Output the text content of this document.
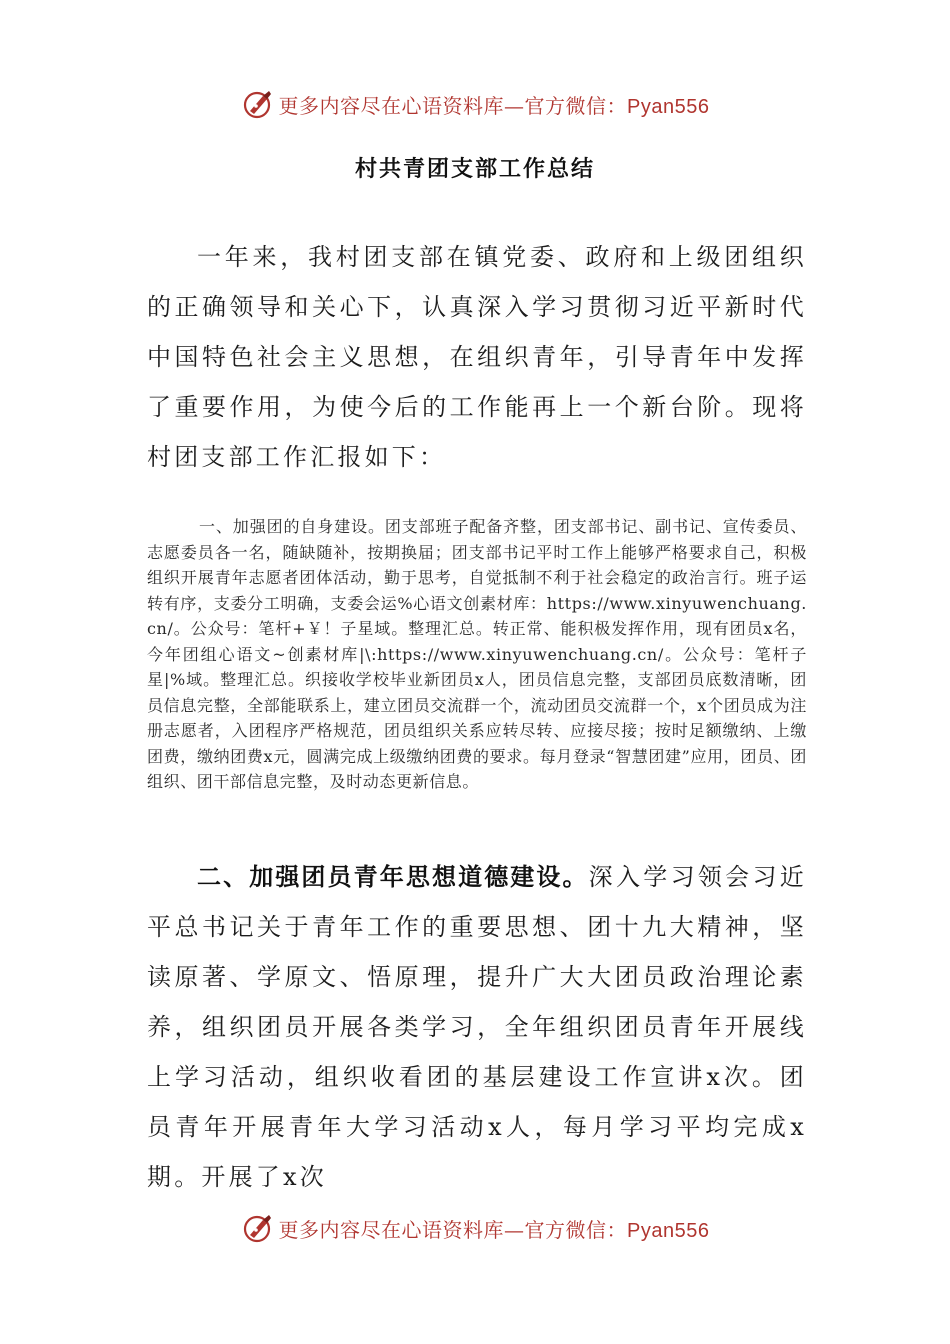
更多内容尽在心语资料库—官方微信：Pyan556
村共青团支部工作总结

一年来，我村团支部在镇党委、政府和上级团组织的正确领导和关心下，认真深入学习贯彻习近平新时代中国特色社会主义思想，在组织青年，引导青年中发挥了重要作用，为使今后的工作能再上一个新台阶。现将村团支部工作汇报如下：

一、加强团的自身建设。团支部班子配备齐整，团支部书记、副书记、宣传委员、志愿委员各一名，随缺随补，按期换届；团支部书记平时工作上能够严格要求自己，积极组织开展青年志愿者团体活动，勤于思考，自觉抵制不利于社会稳定的政治言行。班子运转有序，支委分工明确，支委会运%心语文创素材库：https://www.xinyuwenchuang.cn/。公众号：笔杆+￥！子星域。整理汇总。转正常、能积极发挥作用，现有团员x名，今年团组心语文~创素材库|\:https://www.xinyuwenchuang.cn/。公众号：笔杆子星|%域。整理汇总。织接收学校毕业新团员x人，团员信息完整，支部团员底数清晰，团员信息完整，全部能联系上，建立团员交流群一个，流动团员交流群一个，x个团员成为注册志愿者，入团程序严格规范，团员组织关系应转尽转、应接尽接；按时足额缴纳、上缴团费，缴纳团费x元，圆满完成上级缴纳团费的要求。每月登录“智慧团建”应用，团员、团组织、团干部信息完整，及时动态更新信息。

二、加强团员青年思想道德建设。深入学习领会习近平总书记关于青年工作的重要思想、团十九大精神，坚读原著、学原文、悟原理，提升广大大团员政治理论素养，组织团员开展各类学习，全年组织团员青年开展线上学习活动，组织收看团的基层建设工作宣讲x次。团员青年开展青年大学习活动x人，每月学习平均完成x期。开展了x次

更多内容尽在心语资料库—官方微信：Pyan556
